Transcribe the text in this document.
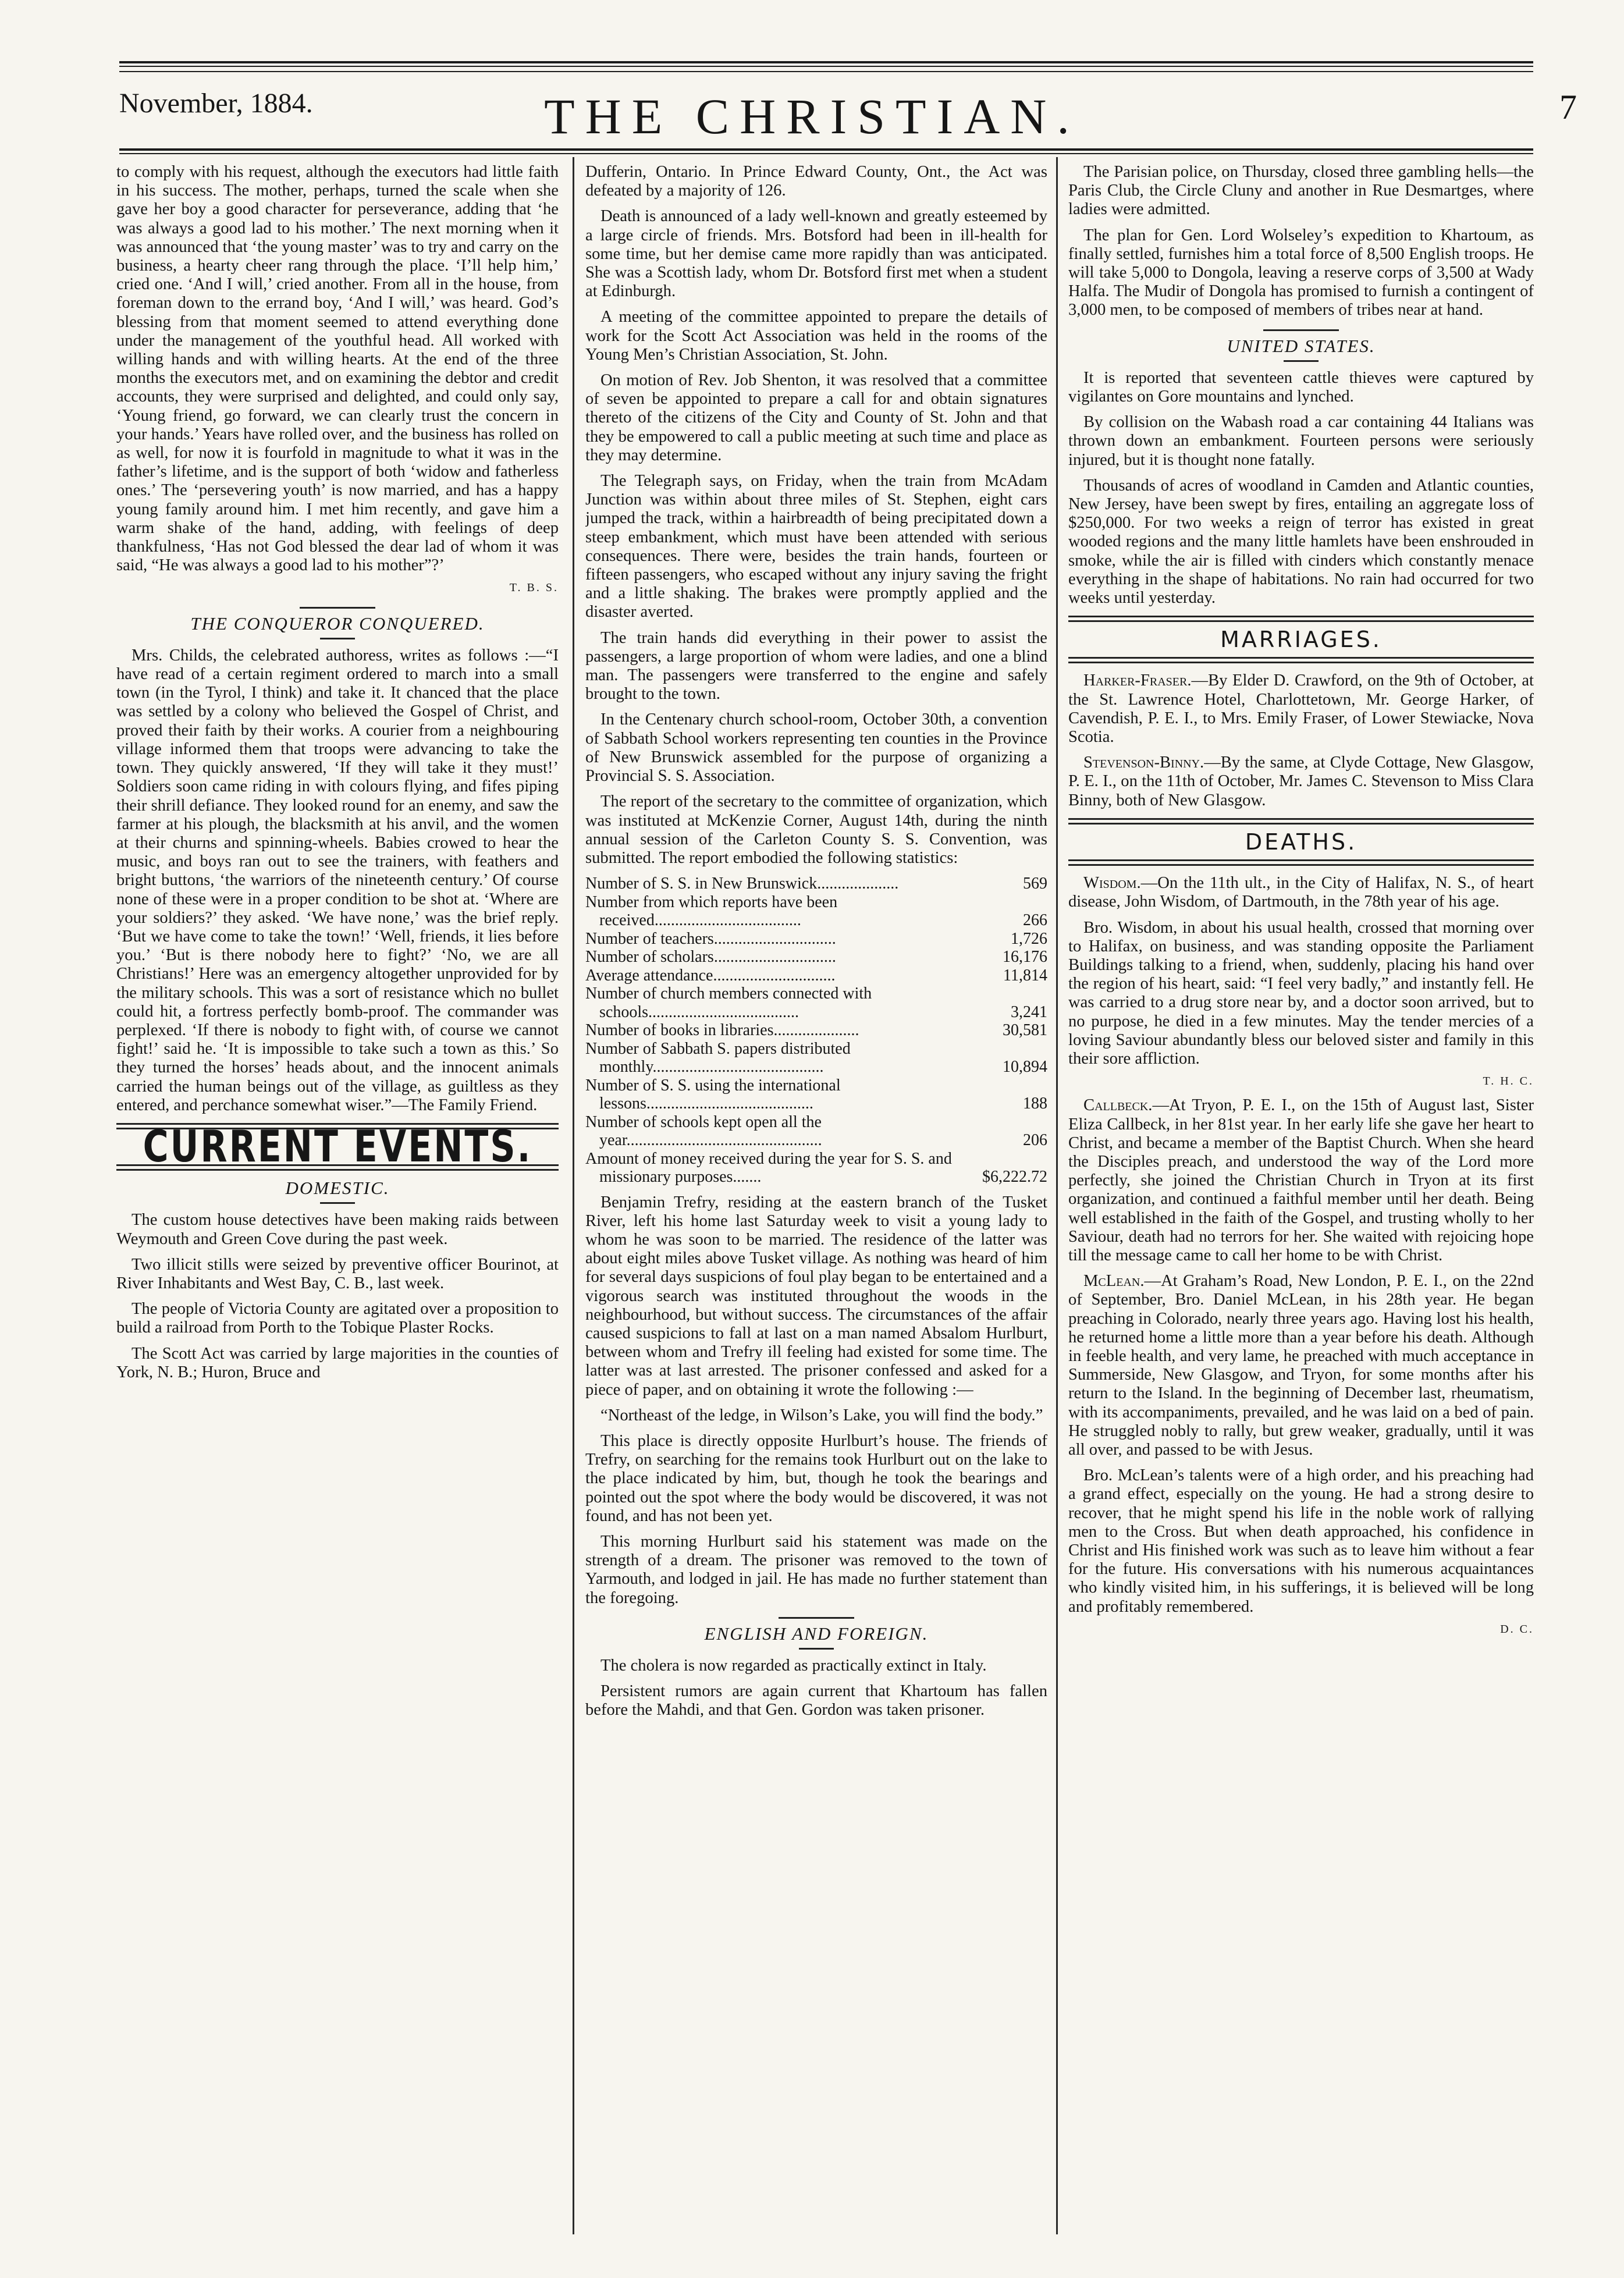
November, 1884.	THE CHRISTIAN.	7

to comply with his request, although the executors had little faith in his success. The mother, perhaps, turned the scale when she gave her boy a good character for perseverance, adding that ‘he was always a good lad to his mother.’ The next morning when it was announced that ‘the young master’ was to try and carry on the business, a hearty cheer rang through the place. ‘I’ll help him,’ cried one. ‘And I will,’ cried another. From all in the house, from foreman down to the errand boy, ‘And I will,’ was heard. God’s blessing from that moment seemed to attend everything done under the management of the youthful head. All worked with willing hands and with willing hearts. At the end of the three months the executors met, and on examining the debtor and credit accounts, they were surprised and delighted, and could only say, ‘Young friend, go forward, we can clearly trust the concern in your hands.’ Years have rolled over, and the business has rolled on as well, for now it is fourfold in magnitude to what it was in the father’s lifetime, and is the support of both ‘widow and fatherless ones.’ The ‘persevering youth’ is now married, and has a happy young family around him. I met him recently, and gave him a warm shake of the hand, adding, with feelings of deep thankfulness, ‘Has not God blessed the dear lad of whom it was said, “He was always a good lad to his mother”?’

T. B. S.
THE CONQUEROR CONQUERED.

Mrs. Childs, the celebrated authoress, writes as follows :—“I have read of a certain regiment ordered to march into a small town (in the Tyrol, I think) and take it. It chanced that the place was settled by a colony who believed the Gospel of Christ, and proved their faith by their works. A courier from a neighbouring village informed them that troops were advancing to take the town. They quickly answered, ‘If they will take it they must!’ Soldiers soon came riding in with colours flying, and fifes piping their shrill defiance. They looked round for an enemy, and saw the farmer at his plough, the blacksmith at his anvil, and the women at their churns and spinning-wheels. Babies crowed to hear the music, and boys ran out to see the trainers, with feathers and bright buttons, ‘the warriors of the nineteenth century.’ Of course none of these were in a proper condition to be shot at. ‘Where are your soldiers?’ they asked. ‘We have none,’ was the brief reply. ‘But we have come to take the town!’ ‘Well, friends, it lies before you.’ ‘But is there nobody here to fight?’ ‘No, we are all Christians!’ Here was an emergency altogether unprovided for by the military schools. This was a sort of resistance which no bullet could hit, a fortress perfectly bomb-proof. The commander was perplexed. ‘If there is nobody to fight with, of course we cannot fight!’ said he. ‘It is impossible to take such a town as this.’ So they turned the horses’ heads about, and the innocent animals carried the human beings out of the village, as guiltless as they entered, and perchance somewhat wiser.”—The Family Friend.

CURRENT EVENTS.
DOMESTIC.

The custom house detectives have been making raids between Weymouth and Green Cove during the past week.

Two illicit stills were seized by preventive officer Bourinot, at River Inhabitants and West Bay, C. B., last week.

The people of Victoria County are agitated over a proposition to build a railroad from Porth to the Tobique Plaster Rocks.

The Scott Act was carried by large majorities in the counties of York, N. B.; Huron, Bruce and

Dufferin, Ontario. In Prince Edward County, Ont., the Act was defeated by a majority of 126.

Death is announced of a lady well-known and greatly esteemed by a large circle of friends. Mrs. Botsford had been in ill-health for some time, but her demise came more rapidly than was anticipated. She was a Scottish lady, whom Dr. Botsford first met when a student at Edinburgh.

A meeting of the committee appointed to prepare the details of work for the Scott Act Association was held in the rooms of the Young Men’s Christian Association, St. John.

On motion of Rev. Job Shenton, it was resolved that a committee of seven be appointed to prepare a call for and obtain signatures thereto of the citizens of the City and County of St. John and that they be empowered to call a public meeting at such time and place as they may determine.

The Telegraph says, on Friday, when the train from McAdam Junction was within about three miles of St. Stephen, eight cars jumped the track, within a hairbreadth of being precipitated down a steep embankment, which must have been attended with serious consequences. There were, besides the train hands, fourteen or fifteen passengers, who escaped without any injury saving the fright and a little shaking. The brakes were promptly applied and the disaster averted.

The train hands did everything in their power to assist the passengers, a large proportion of whom were ladies, and one a blind man. The passengers were transferred to the engine and safely brought to the town.

In the Centenary church school-room, October 30th, a convention of Sabbath School workers representing ten counties in the Province of New Brunswick assembled for the purpose of organizing a Provincial S. S. Association.

The report of the secretary to the committee of organization, which was instituted at McKenzie Corner, August 14th, during the ninth annual session of the Carleton County S. S. Convention, was submitted. The report embodied the following statistics:

Number of S. S. in New Brunswick....................	569
Number from which reports have been received....................................	266
Number of teachers..............................	1,726
Number of scholars..............................	16,176
Average attendance..............................	11,814
Number of church members connected with schools.....................................	3,241
Number of books in libraries.....................	30,581
Number of Sabbath S. papers distributed monthly..........................................	10,894
Number of S. S. using the international lessons.........................................	188
Number of schools kept open all the year................................................	206
Amount of money received during the year for S. S. and missionary purposes.......	$6,222.72

Benjamin Trefry, residing at the eastern branch of the Tusket River, left his home last Saturday week to visit a young lady to whom he was soon to be married. The residence of the latter was about eight miles above Tusket village. As nothing was heard of him for several days suspicions of foul play began to be entertained and a vigorous search was instituted throughout the woods in the neighbourhood, but without success. The circumstances of the affair caused suspicions to fall at last on a man named Absalom Hurlburt, between whom and Trefry ill feeling had existed for some time. The latter was at last arrested. The prisoner confessed and asked for a piece of paper, and on obtaining it wrote the following :—

“Northeast of the ledge, in Wilson’s Lake, you will find the body.”

This place is directly opposite Hurlburt’s house. The friends of Trefry, on searching for the remains took Hurlburt out on the lake to the place indicated by him, but, though he took the bearings and pointed out the spot where the body would be discovered, it was not found, and has not been yet.

This morning Hurlburt said his statement was made on the strength of a dream. The prisoner was removed to the town of Yarmouth, and lodged in jail. He has made no further statement than the foregoing.

ENGLISH AND FOREIGN.

The cholera is now regarded as practically extinct in Italy.

Persistent rumors are again current that Khartoum has fallen before the Mahdi, and that Gen. Gordon was taken prisoner.

The Parisian police, on Thursday, closed three gambling hells—the Paris Club, the Circle Cluny and another in Rue Desmartges, where ladies were admitted.

The plan for Gen. Lord Wolseley’s expedition to Khartoum, as finally settled, furnishes him a total force of 8,500 English troops. He will take 5,000 to Dongola, leaving a reserve corps of 3,500 at Wady Halfa. The Mudir of Dongola has promised to furnish a contingent of 3,000 men, to be composed of members of tribes near at hand.

UNITED STATES.

It is reported that seventeen cattle thieves were captured by vigilantes on Gore mountains and lynched.

By collision on the Wabash road a car containing 44 Italians was thrown down an embankment. Fourteen persons were seriously injured, but it is thought none fatally.

Thousands of acres of woodland in Camden and Atlantic counties, New Jersey, have been swept by fires, entailing an aggregate loss of $250,000. For two weeks a reign of terror has existed in great wooded regions and the many little hamlets have been enshrouded in smoke, while the air is filled with cinders which constantly menace everything in the shape of habitations. No rain had occurred for two weeks until yesterday.

MARRIAGES.

Harker-Fraser.—By Elder D. Crawford, on the 9th of October, at the St. Lawrence Hotel, Charlottetown, Mr. George Harker, of Cavendish, P. E. I., to Mrs. Emily Fraser, of Lower Stewiacke, Nova Scotia.

Stevenson-Binny.—By the same, at Clyde Cottage, New Glasgow, P. E. I., on the 11th of October, Mr. James C. Stevenson to Miss Clara Binny, both of New Glasgow.

DEATHS.

Wisdom.—On the 11th ult., in the City of Halifax, N. S., of heart disease, John Wisdom, of Dartmouth, in the 78th year of his age.

Bro. Wisdom, in about his usual health, crossed that morning over to Halifax, on business, and was standing opposite the Parliament Buildings talking to a friend, when, suddenly, placing his hand over the region of his heart, said: “I feel very badly,” and instantly fell. He was carried to a drug store near by, and a doctor soon arrived, but to no purpose, he died in a few minutes. May the tender mercies of a loving Saviour abundantly bless our beloved sister and family in this their sore affliction.

T. H. C.

Callbeck.—At Tryon, P. E. I., on the 15th of August last, Sister Eliza Callbeck, in her 81st year. In her early life she gave her heart to Christ, and became a member of the Baptist Church. When she heard the Disciples preach, and understood the way of the Lord more perfectly, she joined the Christian Church in Tryon at its first organization, and continued a faithful member until her death. Being well established in the faith of the Gospel, and trusting wholly to her Saviour, death had no terrors for her. She waited with rejoicing hope till the message came to call her home to be with Christ.

McLean.—At Graham’s Road, New London, P. E. I., on the 22nd of September, Bro. Daniel McLean, in his 28th year. He began preaching in Colorado, nearly three years ago. Having lost his health, he returned home a little more than a year before his death. Although in feeble health, and very lame, he preached with much acceptance in Summerside, New Glasgow, and Tryon, for some months after his return to the Island. In the beginning of December last, rheumatism, with its accompaniments, prevailed, and he was laid on a bed of pain. He struggled nobly to rally, but grew weaker, gradually, until it was all over, and passed to be with Jesus.

Bro. McLean’s talents were of a high order, and his preaching had a grand effect, especially on the young. He had a strong desire to recover, that he might spend his life in the noble work of rallying men to the Cross. But when death approached, his confidence in Christ and His finished work was such as to leave him without a fear for the future. His conversations with his numerous acquaintances who kindly visited him, in his sufferings, it is believed will be long and profitably remembered.

D. C.
